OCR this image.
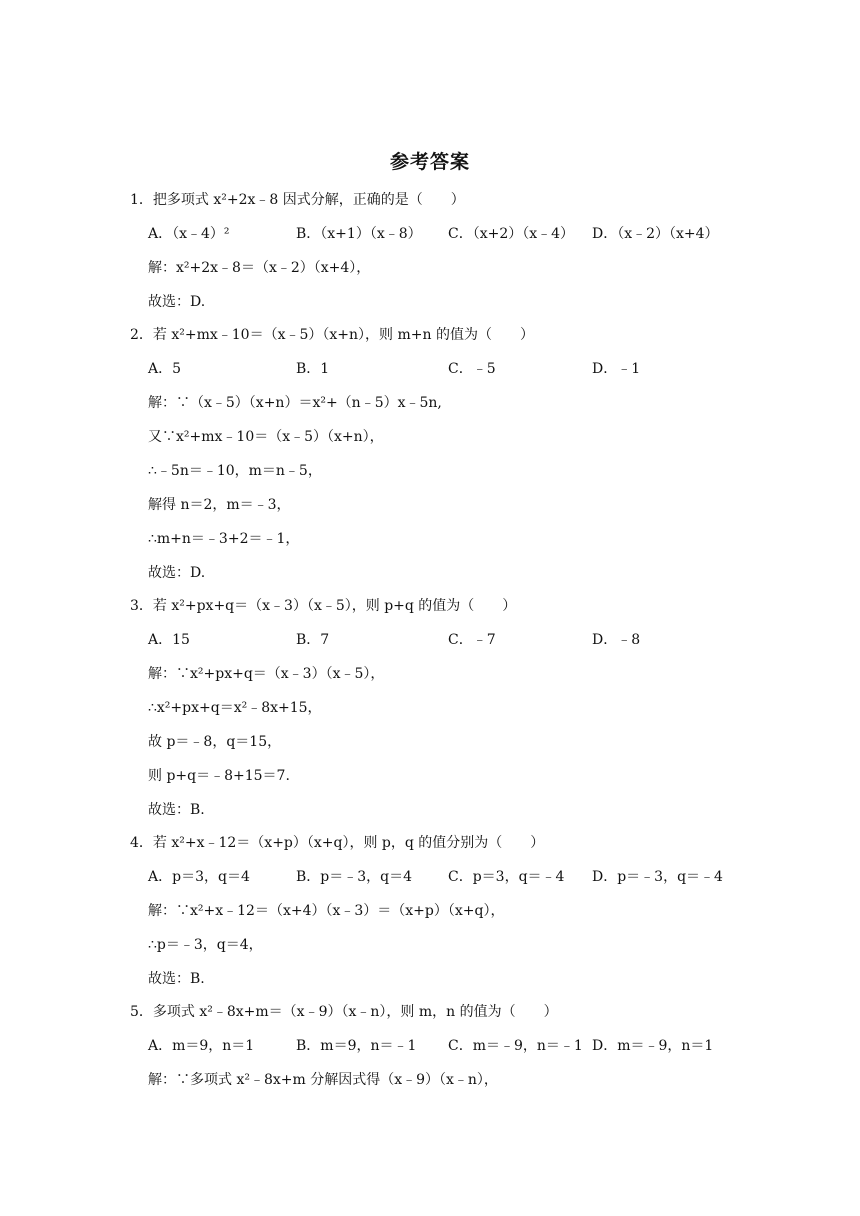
参考答案
1．把多项式 x²+2x﹣8 因式分解，正确的是（　　）
A．（x﹣4）²	B．（x+1）（x﹣8） C．（x+2）（x﹣4） D．（x﹣2）（x+4）
解：x²+2x﹣8＝（x﹣2）（x+4），
故选：D.
2．若 x²+mx﹣10＝（x﹣5）（x+n），则 m+n 的值为（　　）
A．5	B．1	C．﹣5	D．﹣1
解：∵（x﹣5）（x+n）＝x²+（n﹣5）x﹣5n,
又∵x²+mx﹣10＝（x﹣5）（x+n），
∴﹣5n＝﹣10，m＝n﹣5，
解得 n＝2，m＝﹣3，
∴m+n＝﹣3+2＝﹣1，
故选：D.
3．若 x²+px+q＝（x﹣3）（x﹣5），则 p+q 的值为（　　）
A．15	B．7	C．﹣7	D．﹣8
解：∵x²+px+q＝（x﹣3）（x﹣5），
∴x²+px+q＝x²﹣8x+15，
故 p＝﹣8，q＝15，
则 p+q＝﹣8+15＝7.
故选：B.
4．若 x²+x﹣12＝（x+p）（x+q），则 p，q 的值分别为（　　）
A．p＝3，q＝4	B．p＝﹣3，q＝4	C．p＝3，q＝﹣4 D．p＝﹣3，q＝﹣4
解：∵x²+x﹣12＝（x+4）（x﹣3）＝（x+p）（x+q），
∴p＝﹣3，q＝4，
故选：B.
5．多项式 x²﹣8x+m＝（x﹣9）（x﹣n），则 m，n 的值为（　　）
A．m＝9，n＝1	B．m＝9，n＝﹣1 C．m＝﹣9，n＝﹣1 D．m＝﹣9，n＝1
解：∵多项式 x²﹣8x+m 分解因式得（x﹣9）（x﹣n），
